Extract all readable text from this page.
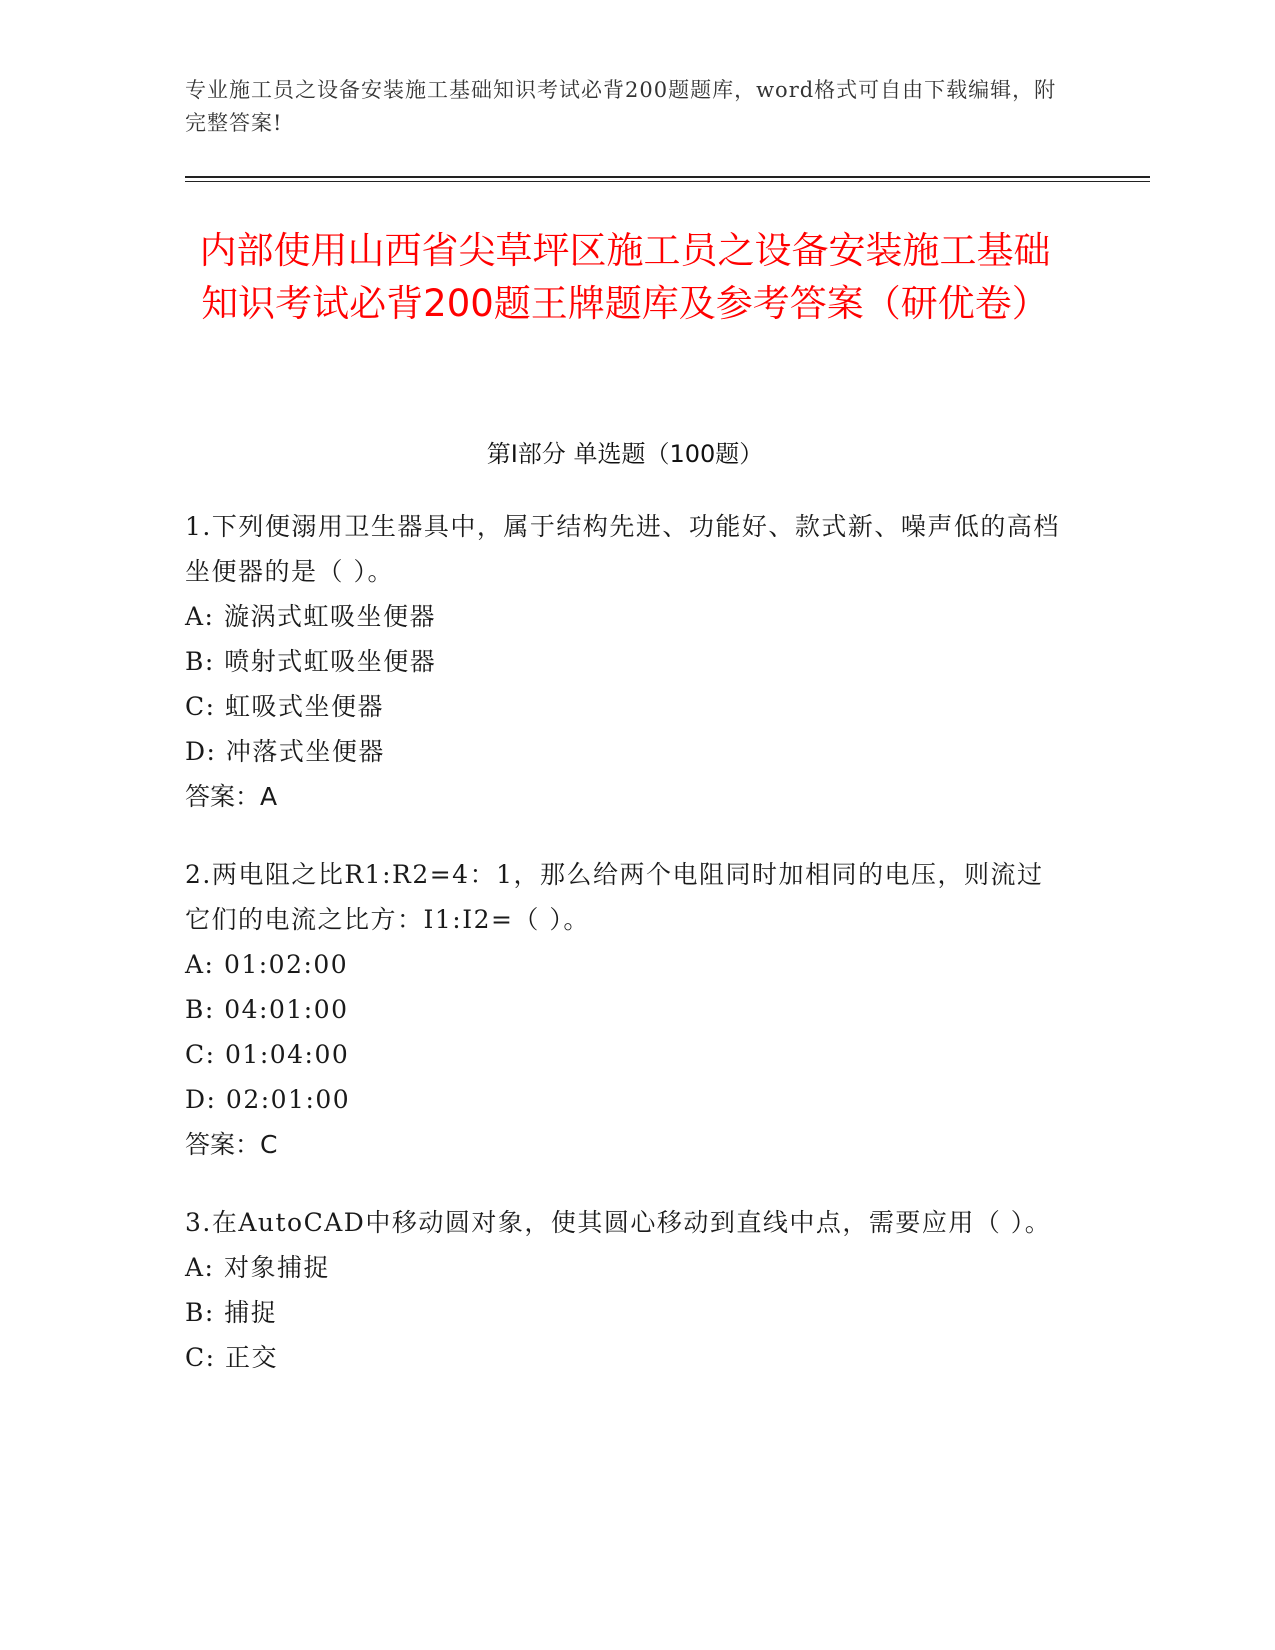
专业施工员之设备安装施工基础知识考试必背200题题库，word格式可自由下载编辑，附完整答案!
内部使用山西省尖草坪区施工员之设备安装施工基础知识考试必背200题王牌题库及参考答案（研优卷）
第Ⅰ部分 单选题（100题）

1.下列便溺用卫生器具中，属于结构先进、功能好、款式新、噪声低的高档坐便器的是（ ）。

A: 漩涡式虹吸坐便器

B: 喷射式虹吸坐便器

C: 虹吸式坐便器

D: 冲落式坐便器

答案：A

2.两电阻之比R1:R2=4：1，那么给两个电阻同时加相同的电压，则流过它们的电流之比方：I1:I2=（ ）。

A: 01:02:00

B: 04:01:00

C: 01:04:00

D: 02:01:00

答案：C

3.在AutoCAD中移动圆对象，使其圆心移动到直线中点，需要应用（ ）。

A: 对象捕捉

B: 捕捉

C: 正交
